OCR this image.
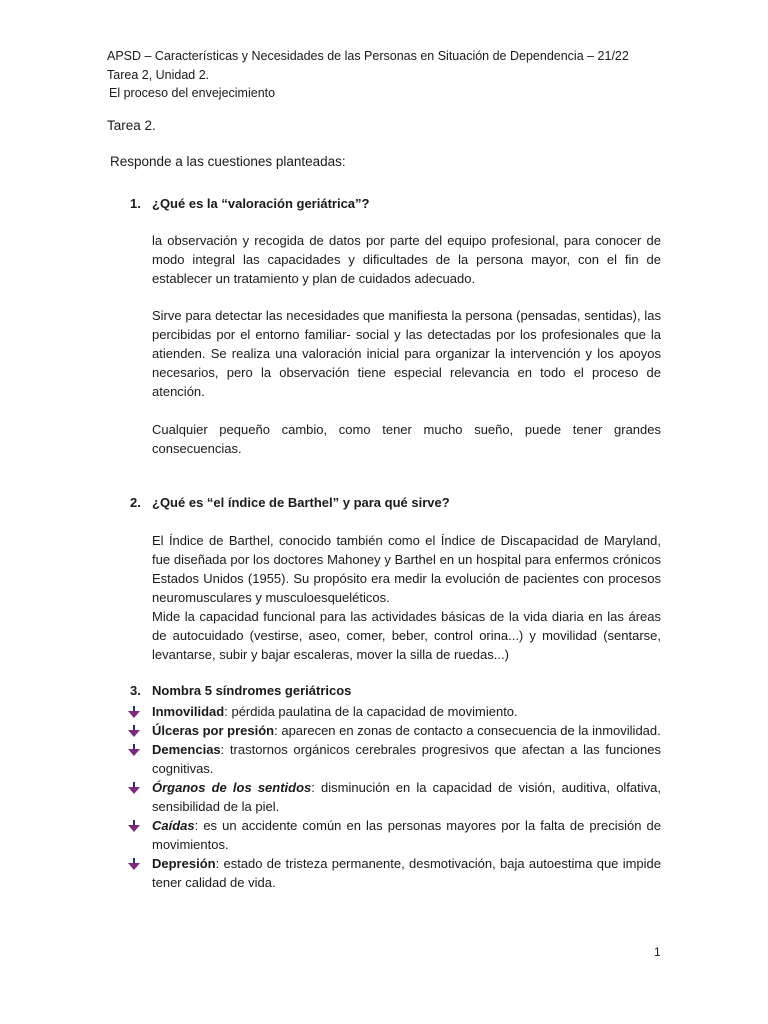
APSD – Características y Necesidades de las Personas en Situación de Dependencia – 21/22
Tarea 2, Unidad 2.
El proceso del envejecimiento
Tarea 2.
Responde a las cuestiones planteadas:
1. ¿Qué es la “valoración geriátrica”?

la observación y recogida de datos por parte del equipo profesional, para conocer de modo integral las capacidades y dificultades de la persona mayor, con el fin de establecer un tratamiento y plan de cuidados adecuado.

Sirve para detectar las necesidades que manifiesta la persona (pensadas, sentidas), las percibidas por el entorno familiar- social y las detectadas por los profesionales que la atienden. Se realiza una valoración inicial para organizar la intervención y los apoyos necesarios, pero la observación tiene especial relevancia en todo el proceso de atención.

Cualquier pequeño cambio, como tener mucho sueño, puede tener grandes consecuencias.

2. ¿Qué es “el índice de Barthel” y para qué sirve?

El Índice de Barthel, conocido también como el Índice de Discapacidad de Maryland, fue diseñada por los doctores Mahoney y Barthel en un hospital para enfermos crónicos Estados Unidos (1955). Su propósito era medir la evolución de pacientes con procesos neuromusculares y musculoesqueléticos.

Mide la capacidad funcional para las actividades básicas de la vida diaria en las áreas de autocuidado (vestirse, aseo, comer, beber, control orina...) y movilidad (sentarse, levantarse, subir y bajar escaleras, mover la silla de ruedas...)

3. Nombra 5 síndromes geriátricos
Inmovilidad: pérdida paulatina de la capacidad de movimiento.
Úlceras por presión: aparecen en zonas de contacto a consecuencia de la inmovilidad.
Demencias: trastornos orgánicos cerebrales progresivos que afectan a las funciones cognitivas.
Órganos de los sentidos: disminución en la capacidad de visión, auditiva, olfativa, sensibilidad de la piel.
Caídas: es un accidente común en las personas mayores por la falta de precisión de movimientos.
Depresión: estado de tristeza permanente, desmotivación, baja autoestima que impide tener calidad de vida.
1
